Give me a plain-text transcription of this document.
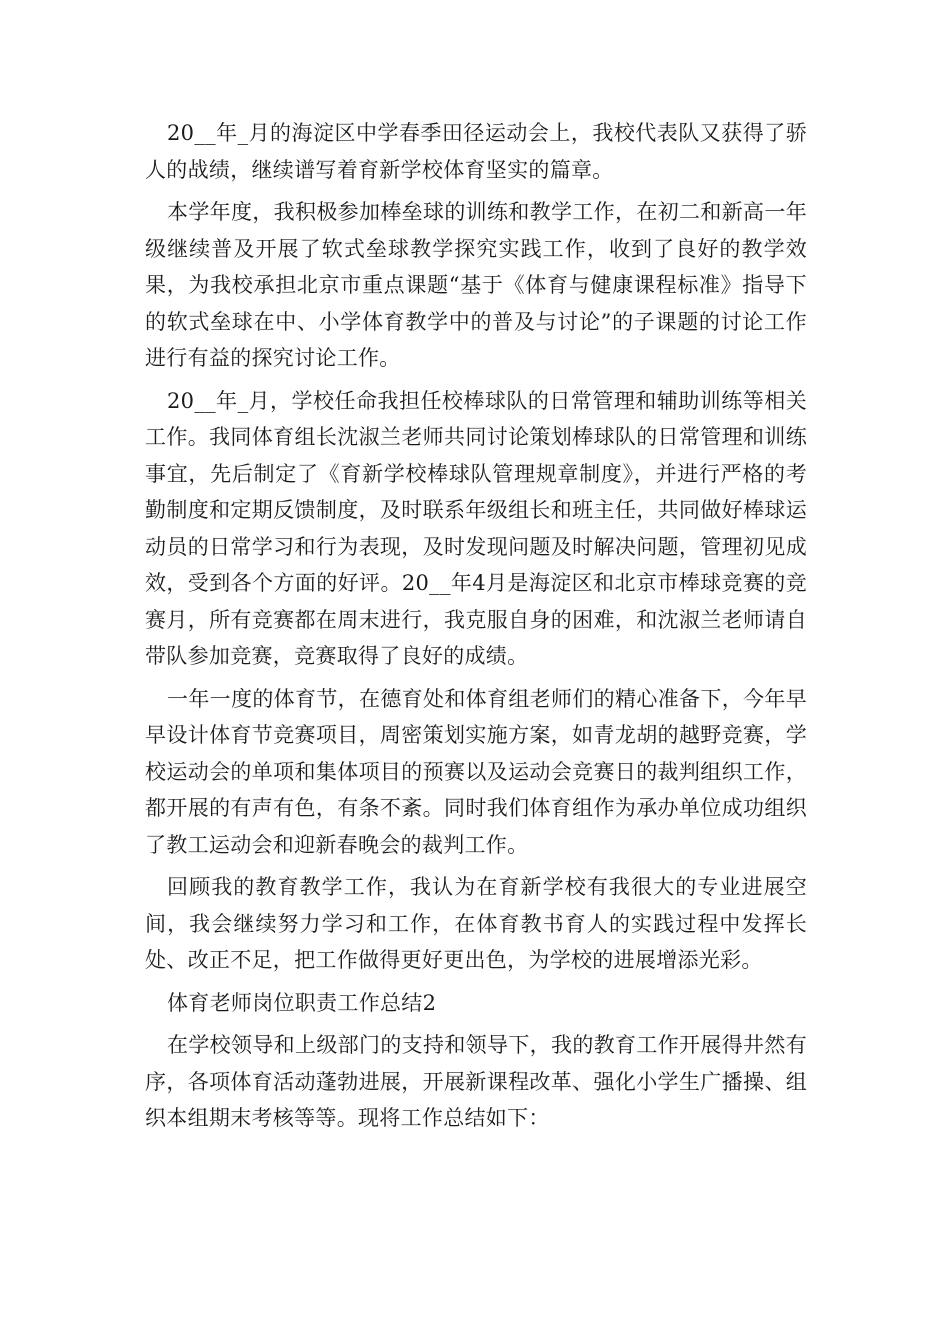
20__年_月的海淀区中学春季田径运动会上，我校代表队又获得了骄人的战绩，继续谱写着育新学校体育坚实的篇章。

本学年度，我积极参加棒垒球的训练和教学工作，在初二和新高一年级继续普及开展了软式垒球教学探究实践工作，收到了良好的教学效果，为我校承担北京市重点课题“基于《体育与健康课程标准》指导下的软式垒球在中、小学体育教学中的普及与讨论”的子课题的讨论工作进行有益的探究讨论工作。

20__年_月，学校任命我担任校棒球队的日常管理和辅助训练等相关工作。我同体育组长沈淑兰老师共同讨论策划棒球队的日常管理和训练事宜，先后制定了《育新学校棒球队管理规章制度》，并进行严格的考勤制度和定期反馈制度，及时联系年级组长和班主任，共同做好棒球运动员的日常学习和行为表现，及时发现问题及时解决问题，管理初见成效，受到各个方面的好评。20__年4月是海淀区和北京市棒球竞赛的竞赛月，所有竞赛都在周末进行，我克服自身的困难，和沈淑兰老师请自带队参加竞赛，竞赛取得了良好的成绩。

一年一度的体育节，在德育处和体育组老师们的精心准备下，今年早早设计体育节竞赛项目，周密策划实施方案，如青龙胡的越野竞赛，学校运动会的单项和集体项目的预赛以及运动会竞赛日的裁判组织工作，都开展的有声有色，有条不紊。同时我们体育组作为承办单位成功组织了教工运动会和迎新春晚会的裁判工作。

回顾我的教育教学工作，我认为在育新学校有我很大的专业进展空间，我会继续努力学习和工作，在体育教书育人的实践过程中发挥长处、改正不足，把工作做得更好更出色，为学校的进展增添光彩。

体育老师岗位职责工作总结2

在学校领导和上级部门的支持和领导下，我的教育工作开展得井然有序，各项体育活动蓬勃进展，开展新课程改革、强化小学生广播操、组织本组期末考核等等。现将工作总结如下：
